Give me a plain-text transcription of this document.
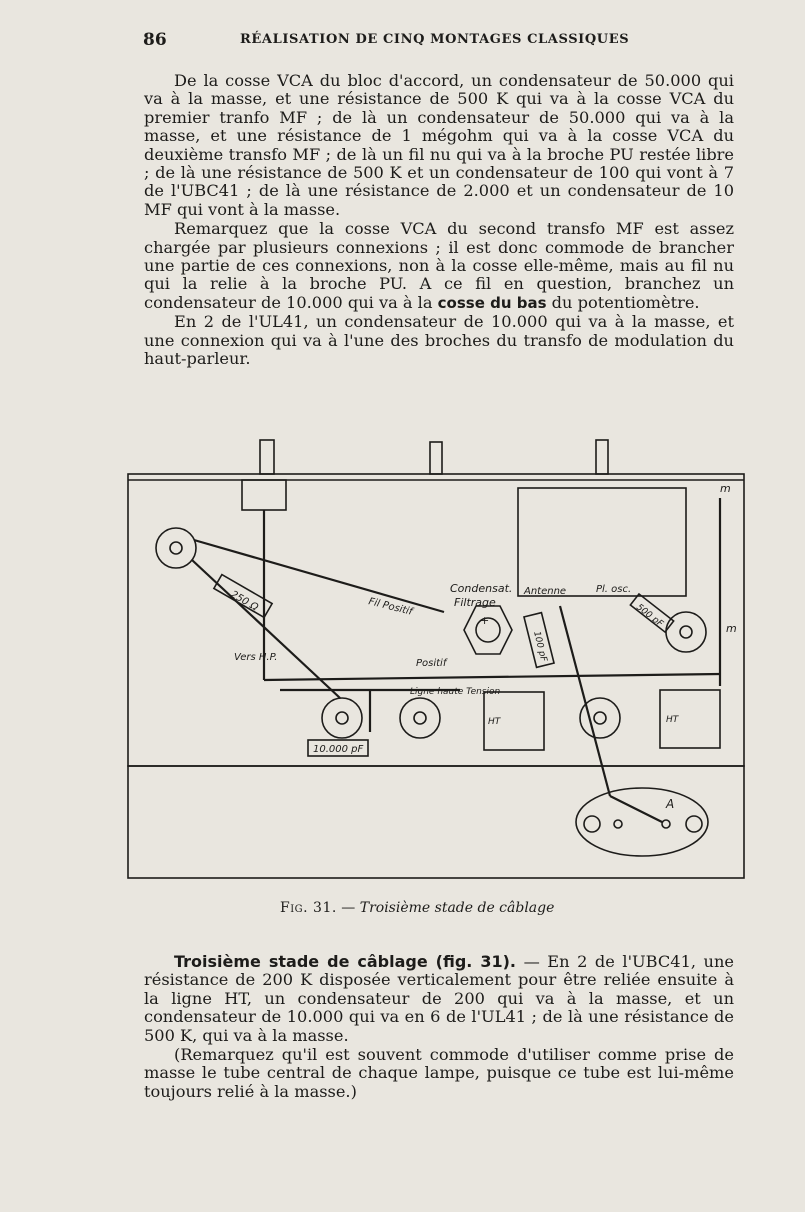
86	RÉALISATION DE CINQ MONTAGES CLASSIQUES

De la cosse VCA du bloc d'accord, un condensateur de 50.000 qui va à la masse, et une résistance de 500 K qui va à la cosse VCA du premier tranfo MF ; de là un condensateur de 50.000 qui va à la masse, et une résistance de 1 mégohm qui va à la cosse VCA du deuxième transfo MF ; de là un fil nu qui va à la broche PU restée libre ; de là une résistance de 500 K et un condensateur de 100 qui vont à 7 de l'UBC41 ; de là une résistance de 2.000 et un condensateur de 10 MF qui vont à la masse.

Remarquez que la cosse VCA du second transfo MF est assez chargée par plusieurs connexions ; il est donc commode de brancher une partie de ces connexions, non à la cosse elle-même, mais au fil nu qui la relie à la broche PU. A ce fil en question, branchez un condensateur de 10.000 qui va à la cosse du bas du potentiomètre.

En 2 de l'UL41, un condensateur de 10.000 qui va à la masse, et une connexion qui va à l'une des broches du transfo de modulation du haut-parleur.

Condensat.
Filtrage
Antenne	Pl. osc.
Fil Positif
Positif
250 Ω
100 pF
500 pF
10.000 pF
Vers H.P.
Ligne haute Tension
HT	HT
A
m
m
+
Fig. 31. — Troisième stade de câblage

Troisième stade de câblage (fig. 31). — En 2 de l'UBC41, une résistance de 200 K disposée verticalement pour être reliée ensuite à la ligne HT, un condensateur de 200 qui va à la masse, et un condensateur de 10.000 qui va en 6 de l'UL41 ; de là une résistance de 500 K, qui va à la masse.

(Remarquez qu'il est souvent commode d'utiliser comme prise de masse le tube central de chaque lampe, puisque ce tube est lui-même toujours relié à la masse.)
